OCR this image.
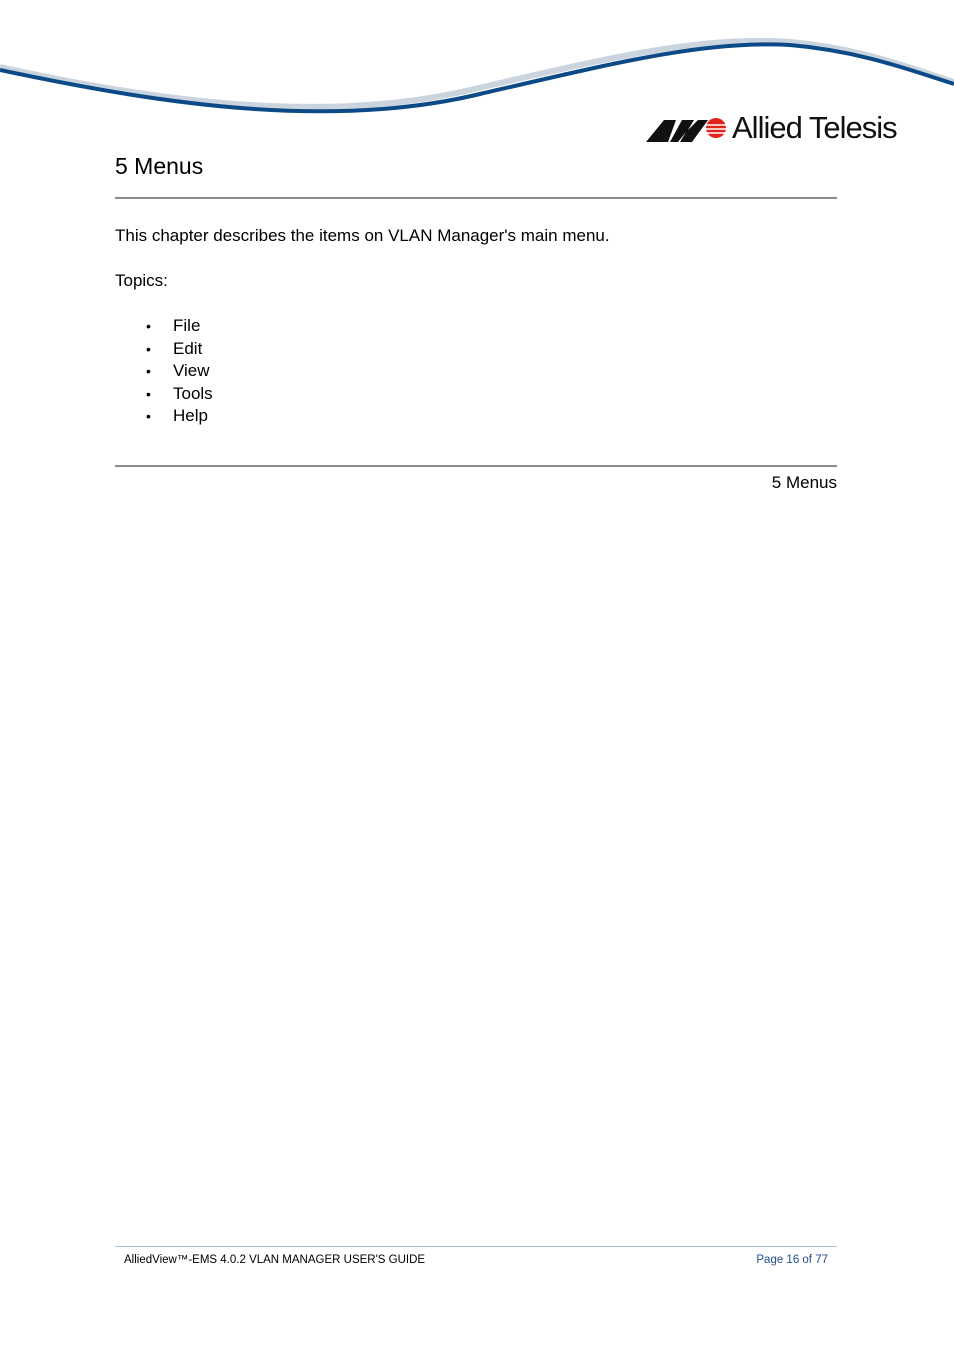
Allied Telesis
5 Menus

This chapter describes the items on VLAN Manager's main menu.

Topics:

• File
• Edit
• View
• Tools
• Help
5 Menus
AlliedView™-EMS 4.0.2 VLAN MANAGER USER'S GUIDE	Page 16 of 77
